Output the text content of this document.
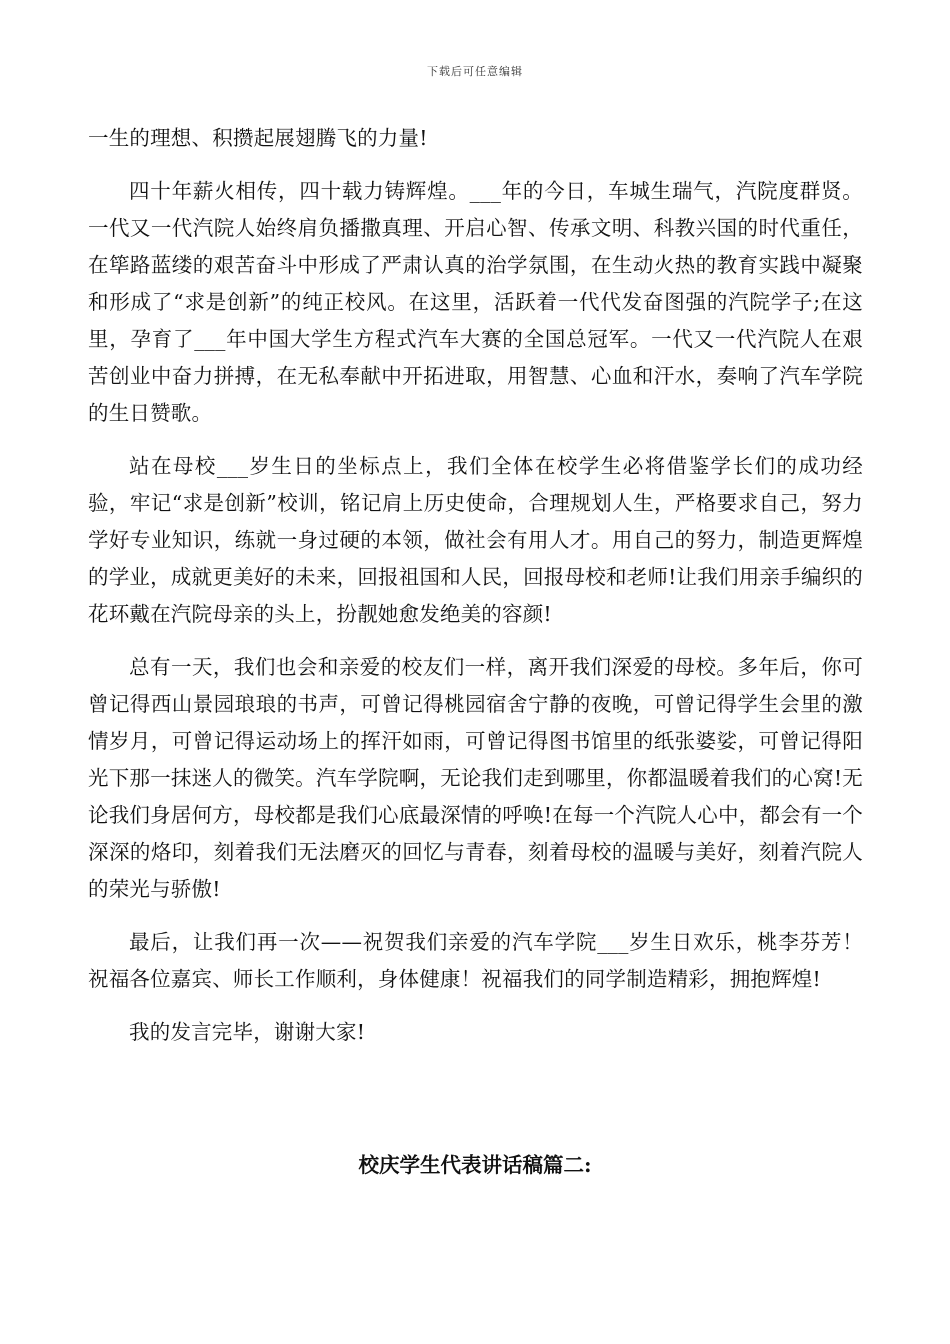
下载后可任意编辑

一生的理想、积攒起展翅腾飞的力量!

四十年薪火相传，四十载力铸辉煌。___年的今日，车城生瑞气，汽院度群贤。一代又一代汽院人始终肩负播撒真理、开启心智、传承文明、科教兴国的时代重任，在筚路蓝缕的艰苦奋斗中形成了严肃认真的治学氛围，在生动火热的教育实践中凝聚和形成了“求是创新”的纯正校风。在这里，活跃着一代代发奋图强的汽院学子;在这里，孕育了___年中国大学生方程式汽车大赛的全国总冠军。一代又一代汽院人在艰苦创业中奋力拼搏，在无私奉献中开拓进取，用智慧、心血和汗水，奏响了汽车学院的生日赞歌。

站在母校___岁生日的坐标点上，我们全体在校学生必将借鉴学长们的成功经验，牢记“求是创新”校训，铭记肩上历史使命，合理规划人生，严格要求自己，努力学好专业知识，练就一身过硬的本领，做社会有用人才。用自己的努力，制造更辉煌的学业，成就更美好的未来，回报祖国和人民，回报母校和老师!让我们用亲手编织的花环戴在汽院母亲的头上，扮靓她愈发绝美的容颜!

总有一天，我们也会和亲爱的校友们一样，离开我们深爱的母校。多年后，你可曾记得西山景园琅琅的书声，可曾记得桃园宿舍宁静的夜晚，可曾记得学生会里的激情岁月，可曾记得运动场上的挥汗如雨，可曾记得图书馆里的纸张婆娑，可曾记得阳光下那一抹迷人的微笑。汽车学院啊，无论我们走到哪里，你都温暖着我们的心窝!无论我们身居何方，母校都是我们心底最深情的呼唤!在每一个汽院人心中，都会有一个深深的烙印，刻着我们无法磨灭的回忆与青春，刻着母校的温暖与美好，刻着汽院人的荣光与骄傲!

最后，让我们再一次——祝贺我们亲爱的汽车学院___岁生日欢乐，桃李芬芳！祝福各位嘉宾、师长工作顺利，身体健康！祝福我们的同学制造精彩，拥抱辉煌!

我的发言完毕，谢谢大家!

校庆学生代表讲话稿篇二:
